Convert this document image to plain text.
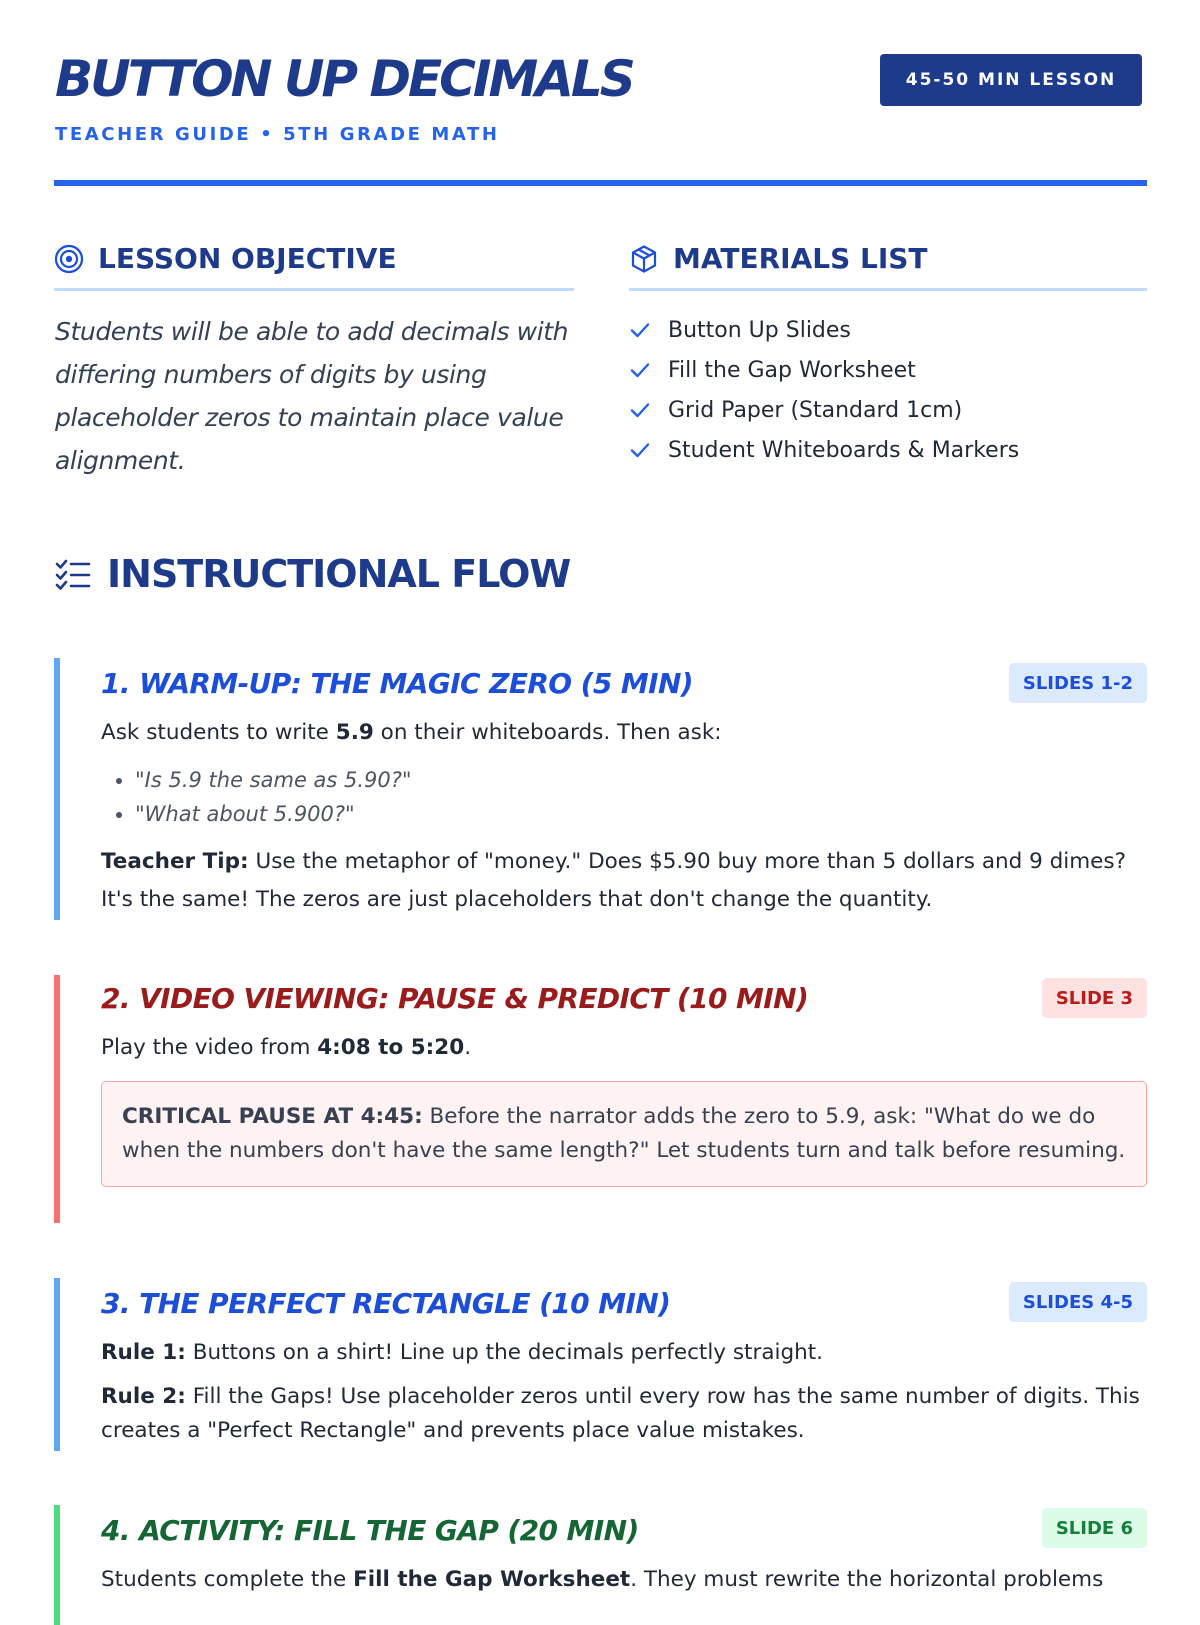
BUTTON UP DECIMALS
TEACHER GUIDE • 5TH GRADE MATH
45-50 MIN LESSON
LESSON OBJECTIVE

Students will be able to add decimals with differing numbers of digits by using placeholder zeros to maintain place value alignment.

MATERIALS LIST
Button Up Slides
Fill the Gap Worksheet
Grid Paper (Standard 1cm)
Student Whiteboards & Markers
INSTRUCTIONAL FLOW
1. WARM-UP: THE MAGIC ZERO (5 MIN)	SLIDES 1-2

Ask students to write 5.9 on their whiteboards. Then ask:

• "Is 5.9 the same as 5.90?"
• "What about 5.900?"

Teacher Tip: Use the metaphor of "money." Does $5.90 buy more than 5 dollars and 9 dimes?

It's the same! The zeros are just placeholders that don't change the quantity.

2. VIDEO VIEWING: PAUSE & PREDICT (10 MIN)	SLIDE 3

Play the video from 4:08 to 5:20.

CRITICAL PAUSE AT 4:45: Before the narrator adds the zero to 5.9, ask: "What do we do when the numbers don't have the same length?" Let students turn and talk before resuming.
3. THE PERFECT RECTANGLE (10 MIN)	SLIDES 4-5

Rule 1: Buttons on a shirt! Line up the decimals perfectly straight.

Rule 2: Fill the Gaps! Use placeholder zeros until every row has the same number of digits. This creates a "Perfect Rectangle" and prevents place value mistakes.

4. ACTIVITY: FILL THE GAP (20 MIN)	SLIDE 6

Students complete the Fill the Gap Worksheet. They must rewrite the horizontal problems
